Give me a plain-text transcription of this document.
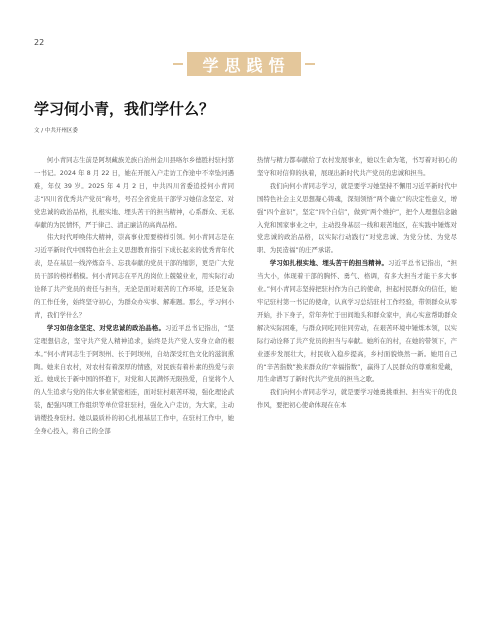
22
学 思 践 悟
学习何小青，我们学什么？
文 / 中共开州区委

何小青同志生前是阿坝藏族羌族自治州金川县咯尔乡德胜村驻村第一书记。2024 年 8 月 22 日，她在开展入户走访工作途中不幸坠河遇难，年仅 39 岁。2025 年 4 月 2 日，中共四川省委追授何小青同志“四川省优秀共产党员”称号，号召全省党员干部学习她信念坚定、对党忠诚的政治品格，扎根实地、埋头苦干的担当精神，心系群众、无私奉献的为民情怀，严于律己、清正廉洁的高尚品格。

伟大时代呼唤伟大精神，崇高事业需要榜样引领。何小青同志是在习近平新时代中国特色社会主义思想教育指引下成长起来的优秀青年代表，是在基层一线淬炼奋斗、忘我奉献的党员干部的缩影，更是广大党员干部的榜样楷模。何小青同志在平凡的岗位上兢兢业业，用实际行动诠释了共产党员的责任与担当，无论是面对艰苦的工作环境，还是复杂的工作任务，始终坚守初心，为群众办实事、解难题。那么，学习何小青，我们学什么？

学习如信念坚定、对党忠诚的政治品格。习近平总书记指出，“坚定理想信念，坚守共产党人精神追求，始终是共产党人安身立命的根本。”何小青同志生于阿坝州、长于阿坝州，自幼深受红色文化的滋润熏陶。她来自农村，对农村有着深厚的情感，对民族有着朴素的热爱与亲近。她成长于新中国的怀抱下，对党和人民满怀无限热爱，自觉将个人的人生追求与党的伟大事业紧密相连，面对驻村艰苦环境，强化理论武装，配强四项工作组织等单位常驻驻村，强化入户走访，为大家，主动请缨投身驻村。她以最质朴的初心扎根基层工作中，在驻村工作中，她全身心投入，将自己的全部

热情与精力都奉献给了农村发展事业，她以生命为笔，书写着对初心的坚守和对信仰的执着，展现出新时代共产党员的忠诚和担当。

我们向何小青同志学习，就是要学习她坚持不懈用习近平新时代中国特色社会主义思想凝心铸魂，深刻领悟“两个确立”的决定性意义，增强“四个意识”，坚定“四个自信”，做到“两个维护”，把个人理想信念融入党和国家事业之中，主动投身基层一线和艰苦地区，在实践中锤炼对党忠诚的政治品格，以实际行动践行“对党忠诚、为党分忧、为党尽职、为民造福”的庄严承诺。

学习如扎根实地、埋头苦干的担当精神。习近平总书记指出，“担当大小，体现着干部的胸怀、勇气、格调，有多大担当才能干多大事业。”何小青同志坚持把驻村作为自己的使命，担起村民群众的信任，她牢记驻村第一书记的使命，认真学习总结驻村工作经验，带领群众从零开始，扑下身子，常年奔忙于田间地头和群众家中，真心实意帮助群众解决实际困难，与群众同吃同住同劳动，在艰苦环境中锤炼本领，以实际行动诠释了共产党员的担当与奉献。她所在的村，在她的带领下，产业逐步发展壮大，村民收入稳步提高，乡村面貌焕然一新。她用自己的“辛苦指数”换来群众的“幸福指数”，赢得了人民群众的尊重和爱戴，用生命谱写了新时代共产党员的担当之歌。

我们向何小青同志学习，就是要学习她勇挑重担、担当实干的优良作风，要把初心使命体现在在本
